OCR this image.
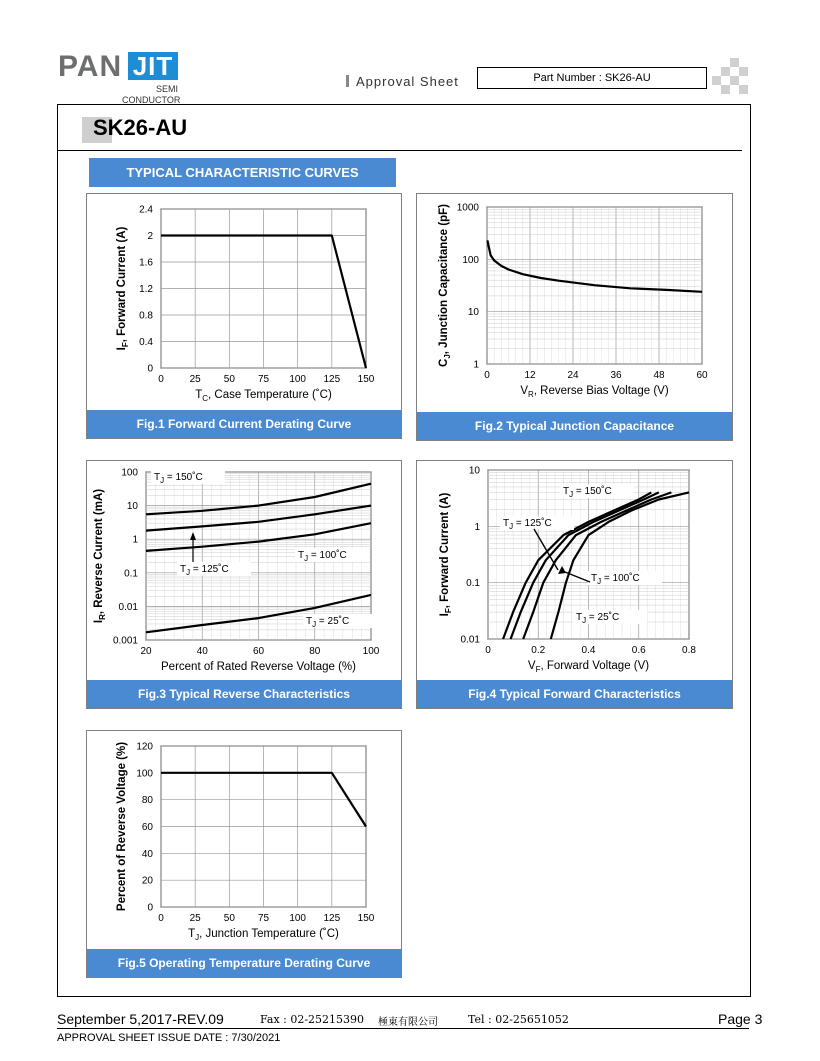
PAN JIT
SEMI
CONDUCTOR
Approval Sheet	Part Number : SK26-AU
SK26-AU
TYPICAL CHARACTERISTIC CURVES
0	25 50 75 100 125 150
0
0.4
0.8
1.2
1.6
2
2.4
$T_C$, Case Temperature (˚C)
$I_F$, Forward Current (A)
Fig.1 Forward Current Derating Curve
0	12	24	36	48	60
1
10
100
1000
$V_R$, Reverse Bias Voltage (V)
$C_J$, Junction Capacitance (pF)
Fig.2 Typical Junction Capacitance
20	40	60	80	100
0.001
0.01
0.1
1
10
100
Percent of Rated Reverse Voltage (%)
$I_R$, Reverse Current (mA)
$T_J$ = 150˚C
$T_J$ = 125˚C
$T_J$ = 100˚C
$T_J$ = 25˚C
Fig.3 Typical Reverse Characteristics
0	0.2	0.4	0.6	0.8
0.01
0.1
1
10
$V_F$, Forward Voltage (V)
$I_F$, Forward Current (A)
$T_J$ = 150˚C
$T_J$ = 125˚C
$T_J$ = 100˚C
$T_J$ = 25˚C
Fig.4 Typical Forward Characteristics
0	25 50 75 100 125 150
0
20
40
60
80
100
120
$T_J$, Junction Temperature (˚C)
Percent of Reverse Voltage (%)
Fig.5 Operating Temperature Derating Curve
September 5,2017-REV.09	Fax : 02-25215390 極東有限公司	Tel : 02-25651052	Page 3
APPROVAL SHEET ISSUE DATE : 7/30/2021
